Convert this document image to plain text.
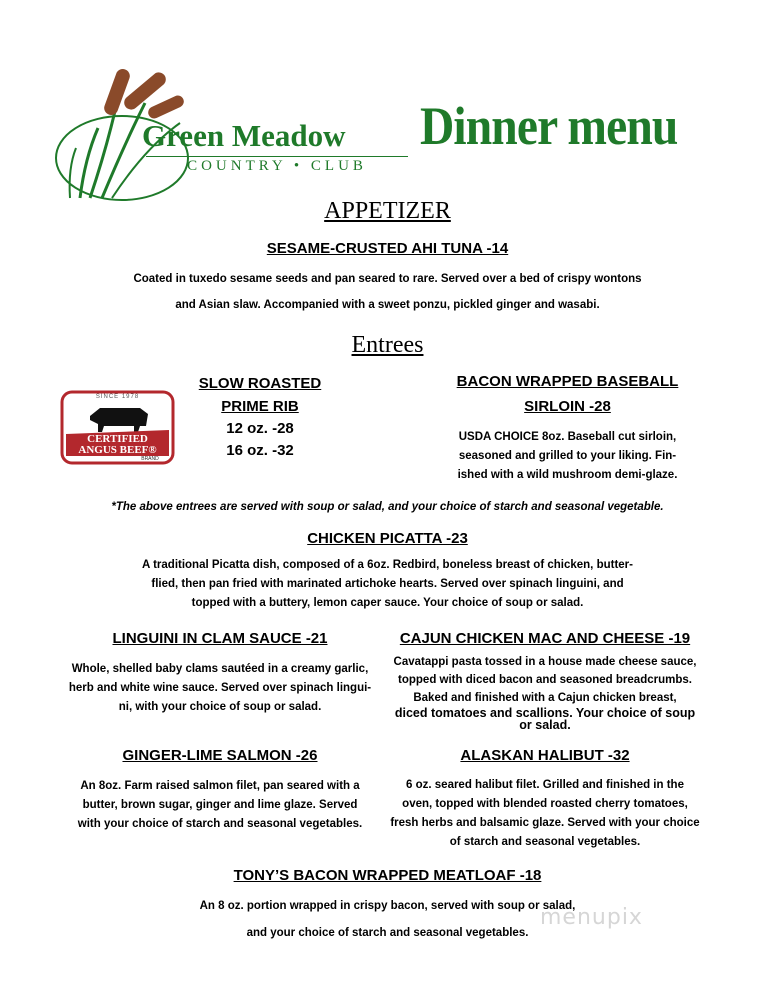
Green Meadow
COUNTRY • CLUB
Dinner menu
APPETIZER
SESAME-CRUSTED AHI TUNA -14
Coated in tuxedo sesame seeds and pan seared to rare. Served over a bed of crispy wontons
and Asian slaw. Accompanied with a sweet ponzu, pickled ginger and wasabi.
Entrees
SINCE 1978
CERTIFIED
ANGUS BEEF®
BRAND
SLOW ROASTED
PRIME RIB
12 oz. -28
16 oz. -32
BACON WRAPPED BASEBALL
SIRLOIN -28
USDA CHOICE 8oz. Baseball cut sirloin,
seasoned and grilled to your liking. Fin-
ished with a wild mushroom demi-glaze.
*The above entrees are served with soup or salad, and your choice of starch and seasonal vegetable.
CHICKEN PICATTA -23
A traditional Picatta dish, composed of a 6oz. Redbird, boneless breast of chicken, butter-
flied, then pan fried with marinated artichoke hearts. Served over spinach linguini, and
topped with a buttery, lemon caper sauce. Your choice of soup or salad.
LINGUINI IN CLAM SAUCE -21
Whole, shelled baby clams sautéed in a creamy garlic,
herb and white wine sauce. Served over spinach lingui-
ni, with your choice of soup or salad.
CAJUN CHICKEN MAC AND CHEESE -19
Cavatappi pasta tossed in a house made cheese sauce,
topped with diced bacon and seasoned breadcrumbs.
Baked and finished with a Cajun chicken breast,
diced tomatoes and scallions. Your choice of soup
or salad.
GINGER-LIME SALMON -26
An 8oz. Farm raised salmon filet, pan seared with a
butter, brown sugar, ginger and lime glaze. Served
with your choice of starch and seasonal vegetables.
ALASKAN HALIBUT -32
6 oz. seared halibut filet. Grilled and finished in the
oven, topped with blended roasted cherry tomatoes,
fresh herbs and balsamic glaze. Served with your choice
of starch and seasonal vegetables.
TONY’S BACON WRAPPED MEATLOAF -18
An 8 oz. portion wrapped in crispy bacon, served with soup or salad,
and your choice of starch and seasonal vegetables.
menupix
